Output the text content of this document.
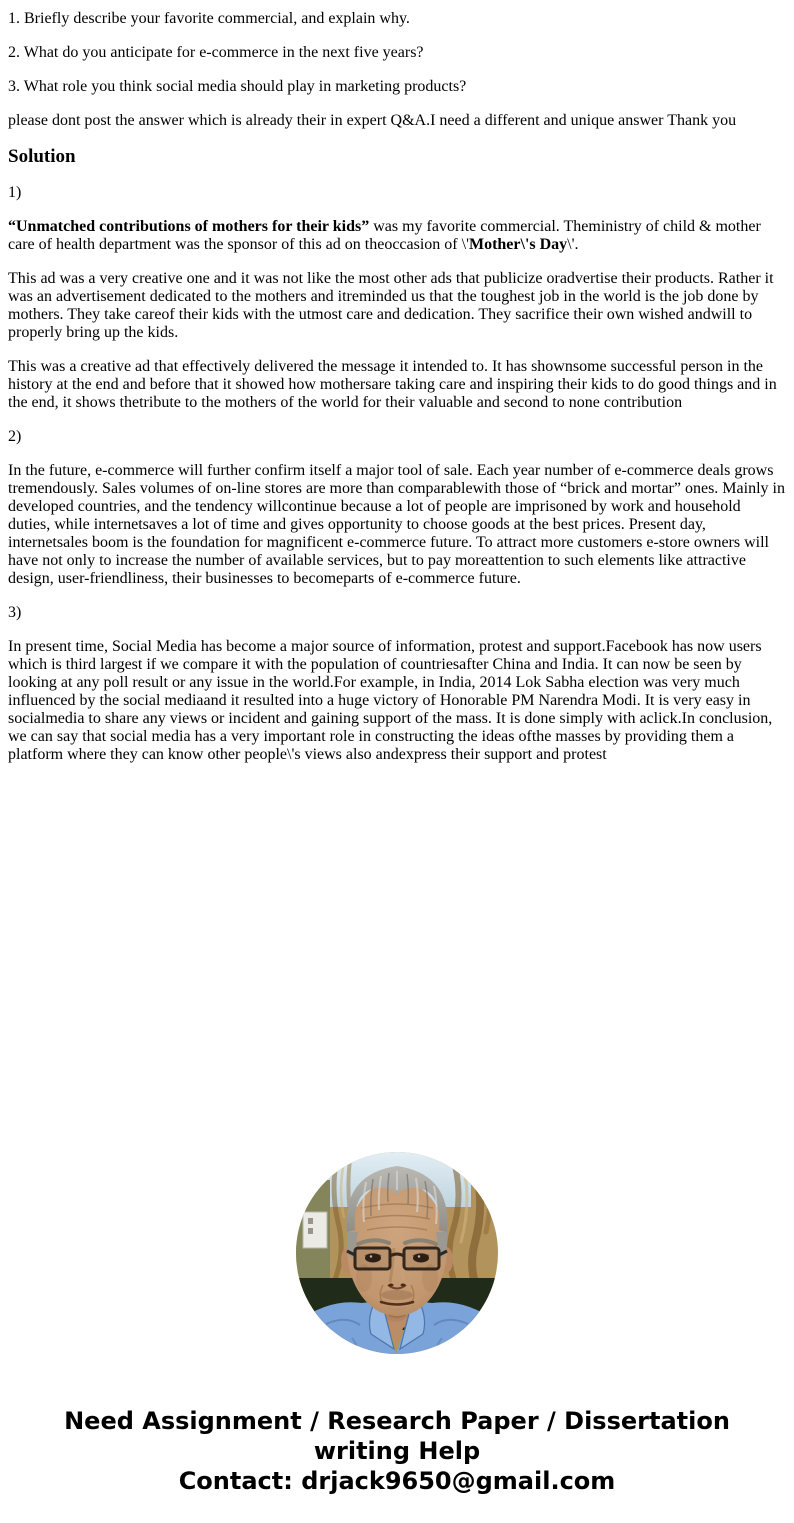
1. Briefly describe your favorite commercial, and explain why.

2. What do you anticipate for e-commerce in the next five years?

3. What role you think social media should play in marketing products?

please dont post the answer which is already their in expert Q&A.I need a different and unique answer Thank you

Solution

1)

“Unmatched contributions of mothers for their kids” was my favorite commercial. Theministry of child & mother care of health department was the sponsor of this ad on theoccasion of \'Mother\'s Day\'.

This ad was a very creative one and it was not like the most other ads that publicize oradvertise their products. Rather it was an advertisement dedicated to the mothers and itreminded us that the toughest job in the world is the job done by mothers. They take careof their kids with the utmost care and dedication. They sacrifice their own wished andwill to properly bring up the kids.

This was a creative ad that effectively delivered the message it intended to. It has shownsome successful person in the history at the end and before that it showed how mothersare taking care and inspiring their kids to do good things and in the end, it shows thetribute to the mothers of the world for their valuable and second to none contribution

2)

In the future, e-commerce will further confirm itself a major tool of sale. Each year number of e-commerce deals grows tremendously. Sales volumes of on-line stores are more than comparablewith those of “brick and mortar” ones. Mainly in developed countries, and the tendency willcontinue because a lot of people are imprisoned by work and household duties, while internetsaves a lot of time and gives opportunity to choose goods at the best prices. Present day, internetsales boom is the foundation for magnificent e-commerce future. To attract more customers e-store owners will have not only to increase the number of available services, but to pay moreattention to such elements like attractive design, user-friendliness, their businesses to becomeparts of e-commerce future.

3)

In present time, Social Media has become a major source of information, protest and support.Facebook has now users which is third largest if we compare it with the population of countriesafter China and India. It can now be seen by looking at any poll result or any issue in the world.For example, in India, 2014 Lok Sabha election was very much influenced by the social mediaand it resulted into a huge victory of Honorable PM Narendra Modi. It is very easy in socialmedia to share any views or incident and gaining support of the mass. It is done simply with aclick.In conclusion, we can say that social media has a very important role in constructing the ideas ofthe masses by providing them a platform where they can know other people\'s views also andexpress their support and protest

Need Assignment / Research Paper / Dissertation
writing Help
Contact: drjack9650@gmail.com
